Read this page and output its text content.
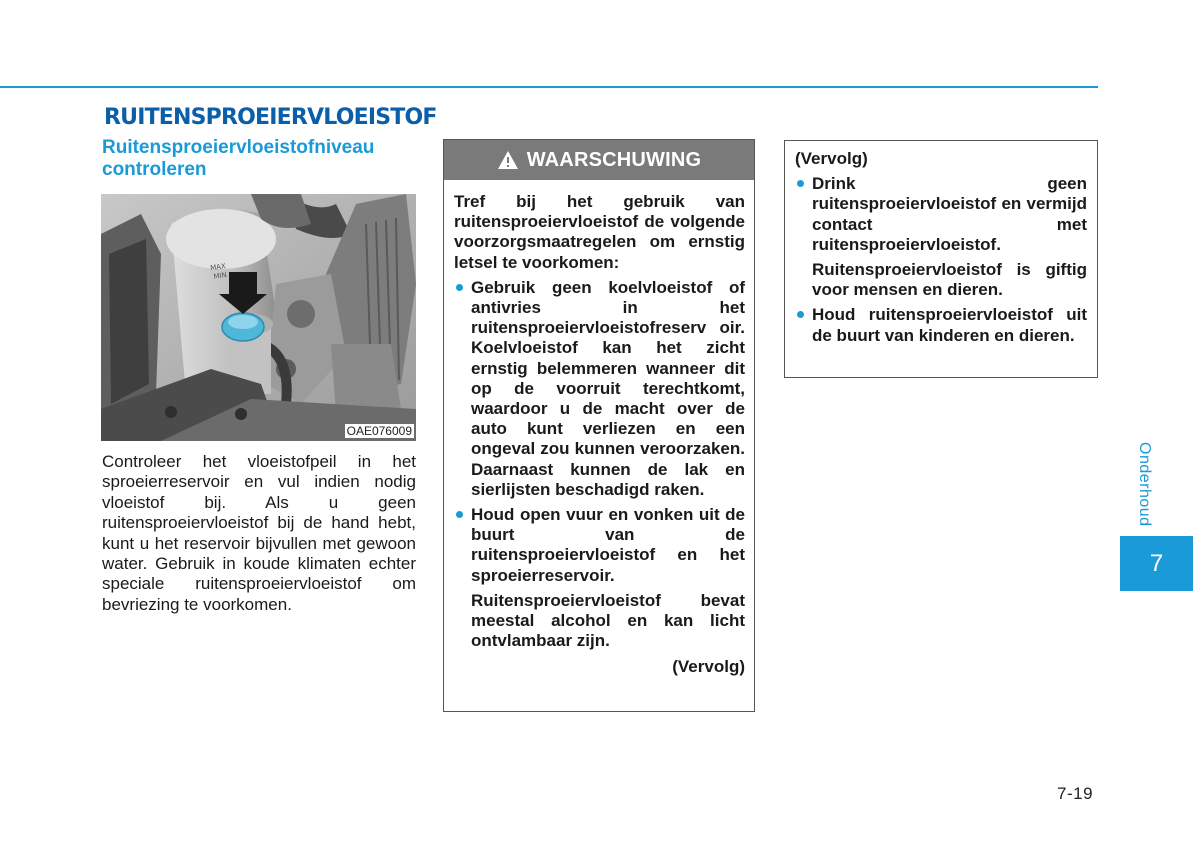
RUITENSPROEIERVLOEISTOF
Ruitensproeiervloeistofniveau controleren
MAX
MIN
OAE076009

Controleer het vloeistofpeil in het sproeierreservoir en vul indien nodig vloeistof bij. Als u geen ruitensproeiervloeistof bij de hand hebt, kunt u het reservoir bijvullen met gewoon water. Gebruik in koude klimaten echter speciale ruitensproeiervloeistof om bevriezing te voorkomen.

WAARSCHUWING

Tref bij het gebruik van ruitensproeiervloeistof de volgende voorzorgsmaatregelen om ernstig letsel te voorkomen:

Gebruik geen koelvloeistof of antivries in het ruitensproeiervloeistofreserv oir. Koelvloeistof kan het zicht ernstig belemmeren wanneer dit op de voorruit terechtkomt, waardoor u de macht over de auto kunt verliezen en een ongeval zou kunnen veroorzaken. Daarnaast kunnen de lak en sierlijsten beschadigd raken.
Houd open vuur en vonken uit de buurt van de ruitensproeiervloeistof en het sproeierreservoir.
Ruitensproeiervloeistof bevat meestal alcohol en kan licht ontvlambaar zijn.
(Vervolg)

(Vervolg)

Drink geen ruitensproeiervloeistof en vermijd contact met ruitensproeiervloeistof.
Ruitensproeiervloeistof is giftig voor mensen en dieren.
Houd ruitensproeiervloeistof uit de buurt van kinderen en dieren.
Onderhoud
7
7-19
